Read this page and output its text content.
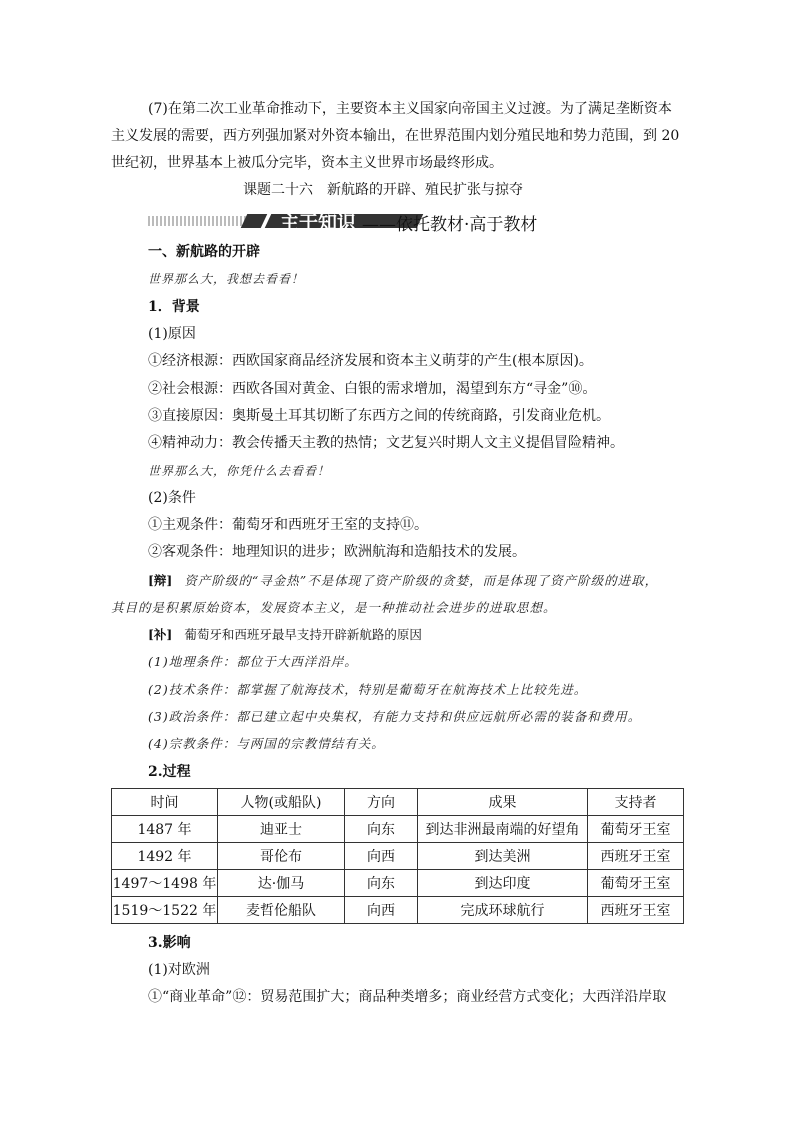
(7)在第二次工业革命推动下，主要资本主义国家向帝国主义过渡。为了满足垄断资本
主义发展的需要，西方列强加紧对外资本输出，在世界范围内划分殖民地和势力范围，到 20
世纪初，世界基本上被瓜分完毕，资本主义世界市场最终形成。
课题二十六　新航路的开辟、殖民扩张与掠夺
主干知识 ——依托教材·高于教材
一、新航路的开辟
世界那么大，我想去看看！
1．背景
(1)原因
①经济根源：西欧国家商品经济发展和资本主义萌芽的产生(根本原因)。
②社会根源：西欧各国对黄金、白银的需求增加，渴望到东方“寻金”⑩。
③直接原因：奥斯曼土耳其切断了东西方之间的传统商路，引发商业危机。
④精神动力：教会传播天主教的热情；文艺复兴时期人文主义提倡冒险精神。
世界那么大，你凭什么去看看！
(2)条件
①主观条件：葡萄牙和西班牙王室的支持⑪。
②客观条件：地理知识的进步；欧洲航海和造船技术的发展。
[辩] 资产阶级的“寻金热”不是体现了资产阶级的贪婪，而是体现了资产阶级的进取，
其目的是积累原始资本，发展资本主义，是一种推动社会进步的进取思想。
[补] 葡萄牙和西班牙最早支持开辟新航路的原因
(1)地理条件：都位于大西洋沿岸。
(2)技术条件：都掌握了航海技术，特别是葡萄牙在航海技术上比较先进。
(3)政治条件：都已建立起中央集权，有能力支持和供应远航所必需的装备和费用。
(4)宗教条件：与两国的宗教情结有关。
2.过程
时间	人物(或船队)	方向	成果	支持者
1487 年	迪亚士	向东	到达非洲最南端的好望角	葡萄牙王室
1492 年	哥伦布	向西	到达美洲	西班牙王室
1497～1498 年	达·伽马	向东	到达印度	葡萄牙王室
1519～1522 年	麦哲伦船队	向西	完成环球航行	西班牙王室
3.影响
(1)对欧洲
①“商业革命”⑫：贸易范围扩大；商品种类增多；商业经营方式变化；大西洋沿岸取
